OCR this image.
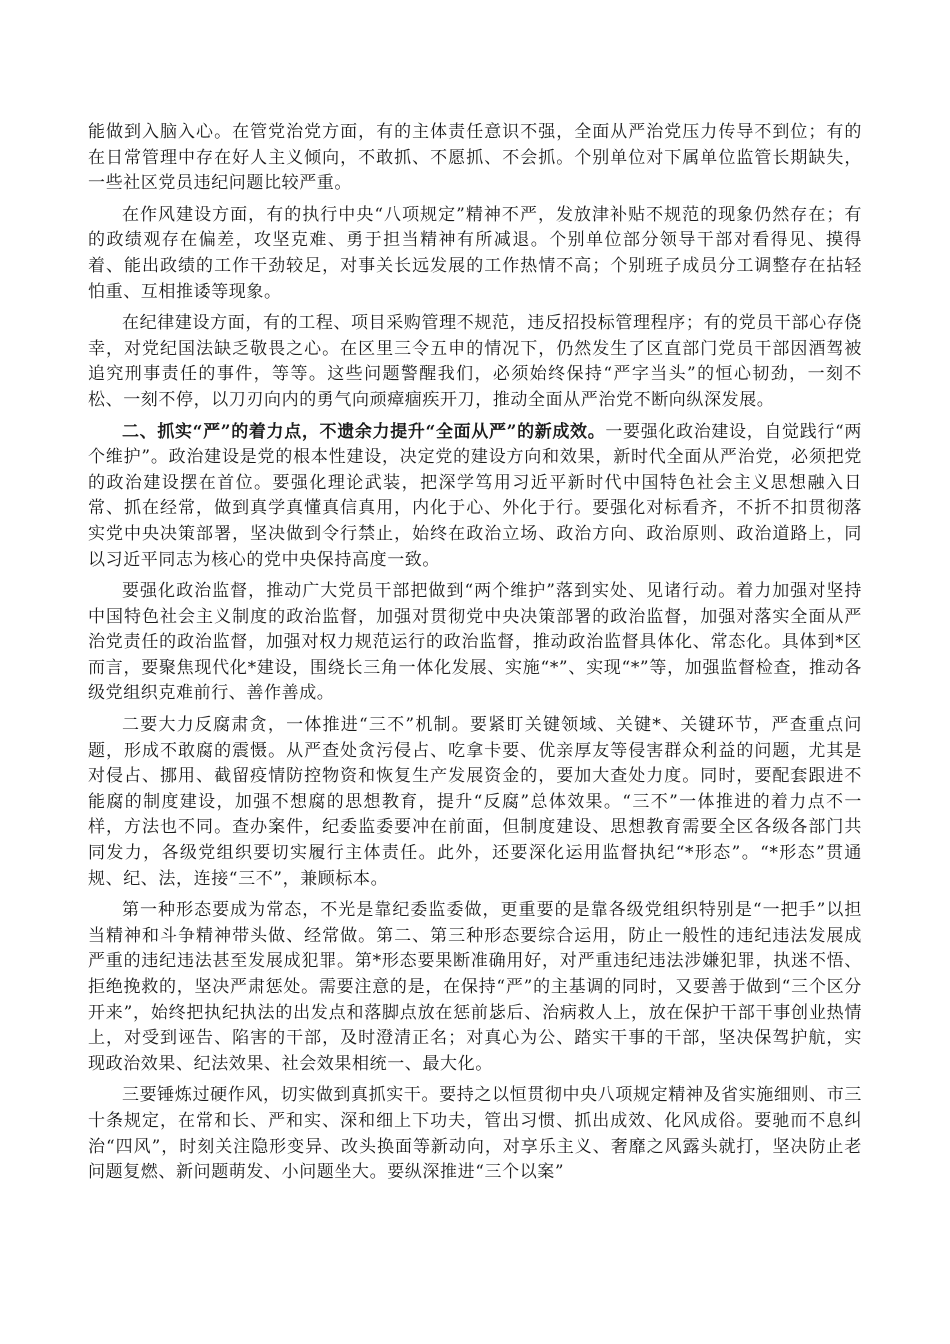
能做到入脑入心。在管党治党方面，有的主体责任意识不强，全面从严治党压力传导不到位；有的在日常管理中存在好人主义倾向，不敢抓、不愿抓、不会抓。个别单位对下属单位监管长期缺失，一些社区党员违纪问题比较严重。

在作风建设方面，有的执行中央“八项规定”精神不严，发放津补贴不规范的现象仍然存在；有的政绩观存在偏差，攻坚克难、勇于担当精神有所减退。个别单位部分领导干部对看得见、摸得着、能出政绩的工作干劲较足，对事关长远发展的工作热情不高；个别班子成员分工调整存在拈轻怕重、互相推诿等现象。

在纪律建设方面，有的工程、项目采购管理不规范，违反招投标管理程序；有的党员干部心存侥幸，对党纪国法缺乏敬畏之心。在区里三令五申的情况下，仍然发生了区直部门党员干部因酒驾被追究刑事责任的事件，等等。这些问题警醒我们，必须始终保持“严字当头”的恒心韧劲，一刻不松、一刻不停，以刀刃向内的勇气向顽瘴痼疾开刀，推动全面从严治党不断向纵深发展。

二、抓实“严”的着力点，不遗余力提升“全面从严”的新成效。一要强化政治建设，自觉践行“两个维护”。政治建设是党的根本性建设，决定党的建设方向和效果，新时代全面从严治党，必须把党的政治建设摆在首位。要强化理论武装，把深学笃用习近平新时代中国特色社会主义思想融入日常、抓在经常，做到真学真懂真信真用，内化于心、外化于行。要强化对标看齐，不折不扣贯彻落实党中央决策部署，坚决做到令行禁止，始终在政治立场、政治方向、政治原则、政治道路上，同以习近平同志为核心的党中央保持高度一致。

要强化政治监督，推动广大党员干部把做到“两个维护”落到实处、见诸行动。着力加强对坚持中国特色社会主义制度的政治监督，加强对贯彻党中央决策部署的政治监督，加强对落实全面从严治党责任的政治监督，加强对权力规范运行的政治监督，推动政治监督具体化、常态化。具体到*区而言，要聚焦现代化*建设，围绕长三角一体化发展、实施“*”、实现“*”等，加强监督检查，推动各级党组织克难前行、善作善成。

二要大力反腐肃贪，一体推进“三不”机制。要紧盯关键领域、关键*、关键环节，严查重点问题，形成不敢腐的震慑。从严查处贪污侵占、吃拿卡要、优亲厚友等侵害群众利益的问题，尤其是对侵占、挪用、截留疫情防控物资和恢复生产发展资金的，要加大查处力度。同时，要配套跟进不能腐的制度建设，加强不想腐的思想教育，提升“反腐”总体效果。“三不”一体推进的着力点不一样，方法也不同。查办案件，纪委监委要冲在前面，但制度建设、思想教育需要全区各级各部门共同发力，各级党组织要切实履行主体责任。此外，还要深化运用监督执纪“*形态”。“*形态”贯通规、纪、法，连接“三不”，兼顾标本。

第一种形态要成为常态，不光是靠纪委监委做，更重要的是靠各级党组织特别是“一把手”以担当精神和斗争精神带头做、经常做。第二、第三种形态要综合运用，防止一般性的违纪违法发展成严重的违纪违法甚至发展成犯罪。第*形态要果断准确用好，对严重违纪违法涉嫌犯罪，执迷不悟、拒绝挽救的，坚决严肃惩处。需要注意的是，在保持“严”的主基调的同时，又要善于做到“三个区分开来”，始终把执纪执法的出发点和落脚点放在惩前毖后、治病救人上，放在保护干部干事创业热情上，对受到诬告、陷害的干部，及时澄清正名；对真心为公、踏实干事的干部，坚决保驾护航，实现政治效果、纪法效果、社会效果相统一、最大化。

三要锤炼过硬作风，切实做到真抓实干。要持之以恒贯彻中央八项规定精神及省实施细则、市三十条规定，在常和长、严和实、深和细上下功夫，管出习惯、抓出成效、化风成俗。要驰而不息纠治“四风”，时刻关注隐形变异、改头换面等新动向，对享乐主义、奢靡之风露头就打，坚决防止老问题复燃、新问题萌发、小问题坐大。要纵深推进“三个以案”
